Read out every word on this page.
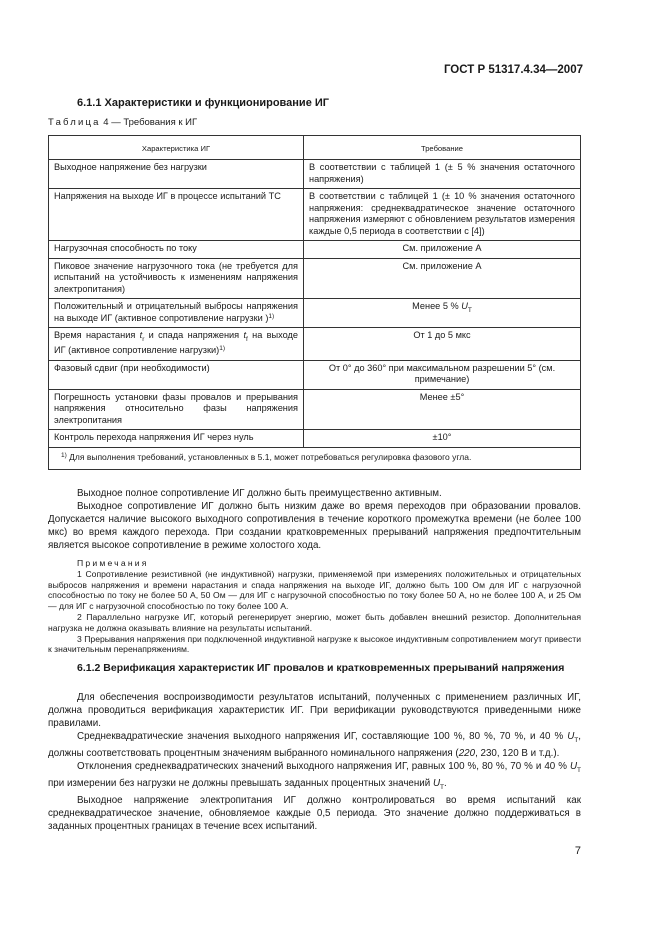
ГОСТ Р 51317.4.34—2007
6.1.1 Характеристики и функционирование ИГ
Таблица 4 — Требования к ИГ
Характеристика ИГ	Требование
Выходное напряжение без нагрузки	В соответствии с таблицей 1 (± 5 % значения остаточного напряжения)
Напряжения на выходе ИГ в процессе испытаний ТС	В соответствии с таблицей 1 (± 10 % значения остаточного напряжения: среднеквадратическое значение остаточного напряжения измеряют с обновлением результатов измерения каждые 0,5 периода в соответствии с [4])
Нагрузочная способность по току	См. приложение А
Пиковое значение нагрузочного тока (не требуется для испытаний на устойчивость к изменениям напряжения электропитания)	См. приложение А
Положительный и отрицательный выбросы напряжения на выходе ИГ (активное сопротивление нагрузки )$^{1)}$	Менее 5 % $U_T$
Время нарастания $t_r$ и спада напряжения $t_f$ на выходе ИГ (активное сопротивление нагрузки)$^{1)}$	От 1 до 5 мкс
Фазовый сдвиг (при необходимости)	От 0° до 360° при максимальном разрешении 5° (см. примечание)
Погрешность установки фазы провалов и прерывания напряжения относительно фазы напряжения электропитания	Менее ±5°
Контроль перехода напряжения ИГ через нуль	±10°
$^{1)}$ Для выполнения требований, установленных в 5.1, может потребоваться регулировка фазового угла.	

Выходное полное сопротивление ИГ должно быть преимущественно активным.

Выходное сопротивление ИГ должно быть низким даже во время переходов при образовании провалов. Допускается наличие высокого выходного сопротивления в течение короткого промежутка времени (не более 100 мкс) во время каждого перехода. При создании кратковременных прерываний напряжения предпочтительным является высокое сопротивление в режиме холостого хода.

Примечания

1 Сопротивление резистивной (не индуктивной) нагрузки, применяемой при измерениях положительных и отрицательных выбросов напряжения и времени нарастания и спада напряжения на выходе ИГ, должно быть 100 Ом для ИГ с нагрузочной способностью по току не более 50 А, 50 Ом — для ИГ с нагрузочной способностью по току более 50 А, но не более 100 А, и 25 Ом — для ИГ с нагрузочной способностью по току более 100 А.

2 Параллельно нагрузке ИГ, который регенерирует энергию, может быть добавлен внешний резистор. Дополнительная нагрузка не должна оказывать влияние на результаты испытаний.

3 Прерывания напряжения при подключенной индуктивной нагрузке к высокое индуктивным сопротивлением могут привести к значительным перенапряжениям.

6.1.2 Верификация характеристик ИГ провалов и кратковременных прерываний напряжения

Для обеспечения воспроизводимости результатов испытаний, полученных с применением различных ИГ, должна проводиться верификация характеристик ИГ. При верификации руководствуются приведенными ниже правилами.

Среднеквадратические значения выходного напряжения ИГ, составляющие 100 %, 80 %, 70 %, и 40 % $U_T$, должны соответствовать процентным значениям выбранного номинального напряжения (220, 230, 120 В и т.д.).

Отклонения среднеквадратических значений выходного напряжения ИГ, равных 100 %, 80 %, 70 % и 40 % $U_T$ при измерении без нагрузки не должны превышать заданных процентных значений $U_T$.

Выходное напряжение электропитания ИГ должно контролироваться во время испытаний как среднеквадратическое значение, обновляемое каждые 0,5 периода. Это значение должно поддерживаться в заданных процентных границах в течение всех испытаний.

7
